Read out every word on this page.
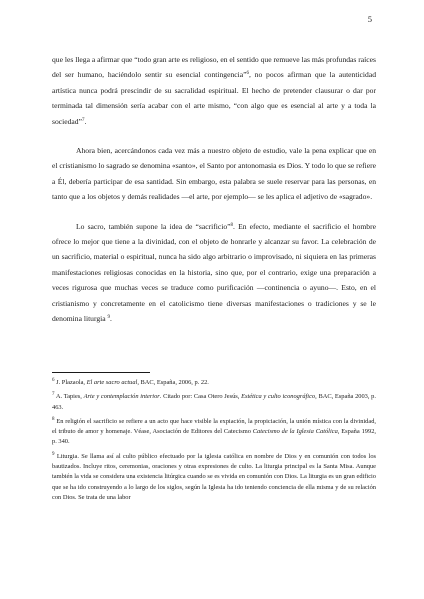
5

que les llega a afirmar que “todo gran arte es religioso, en el sentido que remueve las más profundas raíces del ser humano, haciéndolo sentir su esencial contingencia”$^6$, no pocos afirman que la autenticidad artística nunca podrá prescindir de su sacralidad espiritual. El hecho de pretender clausurar o dar por terminada tal dimensión sería acabar con el arte mismo, “con algo que es esencial al arte y a toda la sociedad”$^7$.

Ahora bien, acercándonos cada vez más a nuestro objeto de estudio, vale la pena explicar que en el cristianismo lo sagrado se denomina «santo», el Santo por antonomasia es Dios. Y todo lo que se refiere a Él, debería participar de esa santidad. Sin embargo, esta palabra se suele reservar para las personas, en tanto que a los objetos y demás realidades —el arte, por ejemplo— se les aplica el adjetivo de «sagrado».

Lo sacro, también supone la idea de “sacrificio”$^8$. En efecto, mediante el sacrificio el hombre ofrece lo mejor que tiene a la divinidad, con el objeto de honrarle y alcanzar su favor. La celebración de un sacrificio, material o espiritual, nunca ha sido algo arbitrario o improvisado, ni siquiera en las primeras manifestaciones religiosas conocidas en la historia, sino que, por el contrario, exige una preparación a veces rigurosa que muchas veces se traduce como purificación —continencia o ayuno—. Esto, en el cristianismo y concretamente en el catolicismo tiene diversas manifestaciones o tradiciones y se le denomina liturgia $^9$.

$^6$ J. Plazaola, El arte sacro actual, BAC, España, 2006, p. 22.

$^7$ A. Tapies, Arte y contemplación interior. Citado por: Casa Otero Jesús, Estética y culto iconográfico, BAC, España 2003, p. 463.

$^8$ En religión el sacrificio se refiere a un acto que hace visible la expiación, la propiciación, la unión mística con la divinidad, el tributo de amor y homenaje. Véase, Asociación de Editores del Catecismo Catecismo de la Iglesia Católica, España 1992, p. 340.

$^9$ Liturgia. Se llama así al culto público efectuado por la iglesia católica en nombre de Dios y en comunión con todos los bautizados. Incluye ritos, ceremonias, oraciones y otras expresiones de culto. La liturgia principal es la Santa Misa. Aunque también la vida se considera una existencia litúrgica cuando se es vivida en comunión con Dios. La liturgia es un gran edificio que se ha ido construyendo a lo largo de los siglos, según la Iglesia ha ido teniendo conciencia de ella misma y de su relación con Dios. Se trata de una labor
